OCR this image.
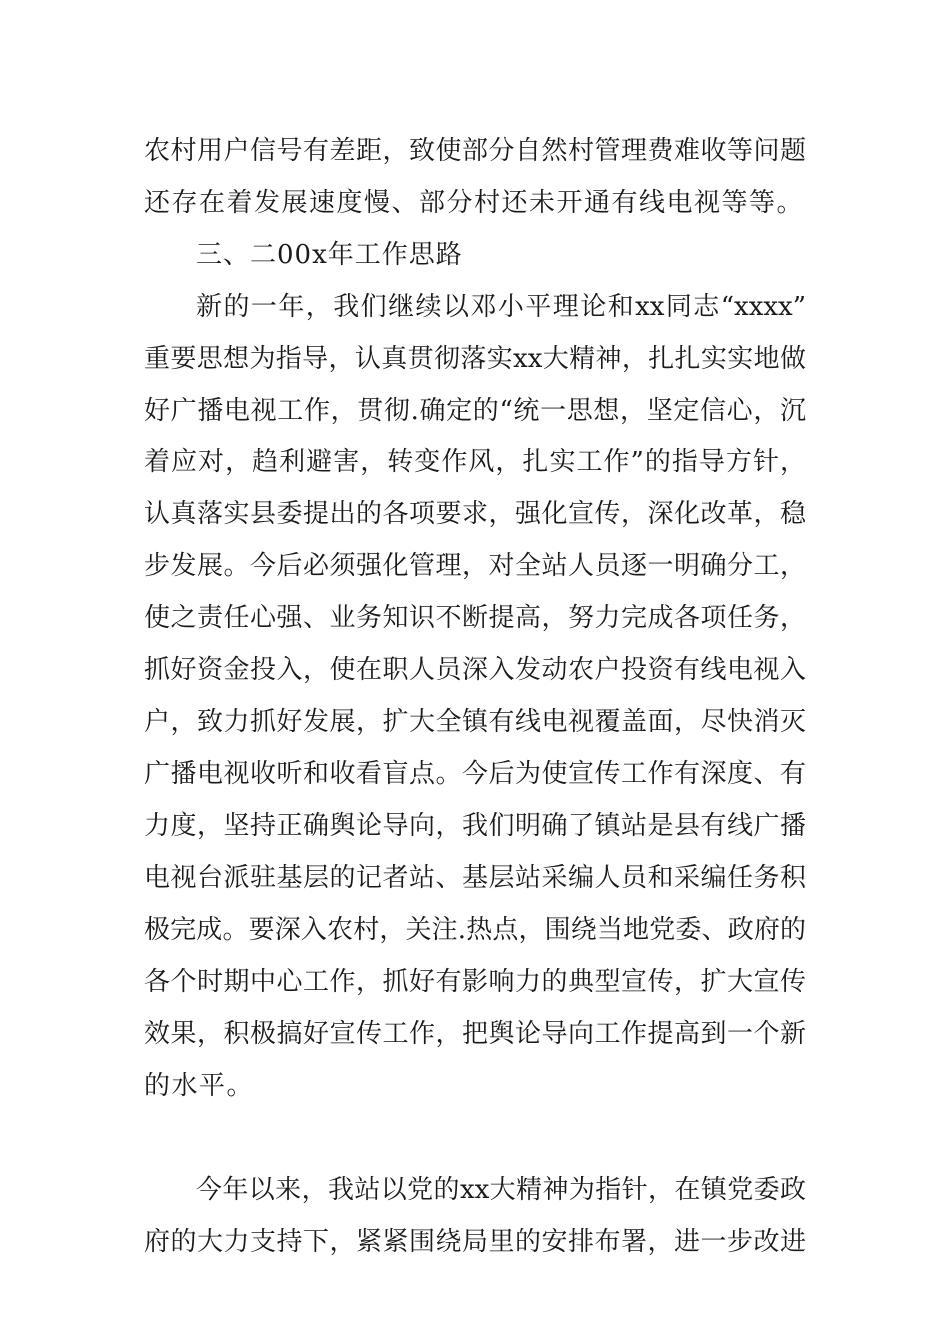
农村用户信号有差距，致使部分自然村管理费难收等问题

还存在着发展速度慢、部分村还未开通有线电视等等。

三、二00x年工作思路

新的一年，我们继续以邓小平理论和xx同志“xxxx”

重要思想为指导，认真贯彻落实xx大精神，扎扎实实地做

好广播电视工作，贯彻.确定的“统一思想，坚定信心，沉

着应对，趋利避害，转变作风，扎实工作”的指导方针，

认真落实县委提出的各项要求，强化宣传，深化改革，稳

步发展。今后必须强化管理，对全站人员逐一明确分工，

使之责任心强、业务知识不断提高，努力完成各项任务，

抓好资金投入，使在职人员深入发动农户投资有线电视入

户，致力抓好发展，扩大全镇有线电视覆盖面，尽快消灭

广播电视收听和收看盲点。今后为使宣传工作有深度、有

力度，坚持正确舆论导向，我们明确了镇站是县有线广播

电视台派驻基层的记者站、基层站采编人员和采编任务积

极完成。要深入农村，关注.热点，围绕当地党委、政府的

各个时期中心工作，抓好有影响力的典型宣传，扩大宣传

效果，积极搞好宣传工作，把舆论导向工作提高到一个新

的水平。

今年以来，我站以党的xx大精神为指针，在镇党委政

府的大力支持下，紧紧围绕局里的安排布署，进一步改进
